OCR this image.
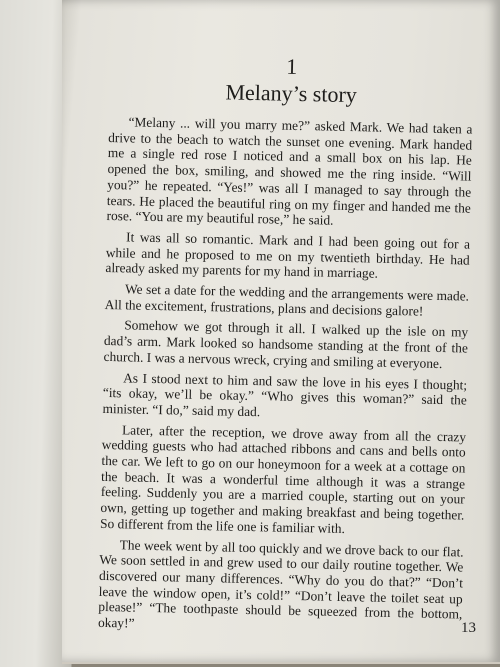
1
Melany’s story

“Melany ... will you marry me?” asked Mark. We had taken a drive to the beach to watch the sunset one evening. Mark handed me a single red rose I noticed and a small box on his lap. He opened the box, smiling, and showed me the ring inside. “Will you?” he repeated. “Yes!” was all I managed to say through the tears. He placed the beautiful ring on my finger and handed me the rose. “You are my beautiful rose,” he said.

It was all so romantic. Mark and I had been going out for a while and he proposed to me on my twentieth birthday. He had already asked my parents for my hand in marriage.

We set a date for the wedding and the arrangements were made. All the excitement, frustrations, plans and decisions galore!

Somehow we got through it all. I walked up the isle on my dad’s arm. Mark looked so handsome standing at the front of the church. I was a nervous wreck, crying and smiling at everyone.

As I stood next to him and saw the love in his eyes I thought; “its okay, we’ll be okay.” “Who gives this woman?” said the minister. “I do,” said my dad.

Later, after the reception, we drove away from all the crazy wedding guests who had attached ribbons and cans and bells onto the car. We left to go on our honeymoon for a week at a cottage on the beach. It was a wonderful time although it was a strange feeling. Suddenly you are a married couple, starting out on your own, getting up together and making breakfast and being together. So different from the life one is familiar with.

The week went by all too quickly and we drove back to our flat. We soon settled in and grew used to our daily routine together. We discovered our many differences. “Why do you do that?” “Don’t leave the window open, it’s cold!” “Don’t leave the toilet seat up please!” “The toothpaste should be squeezed from the bottom, okay!”	13
